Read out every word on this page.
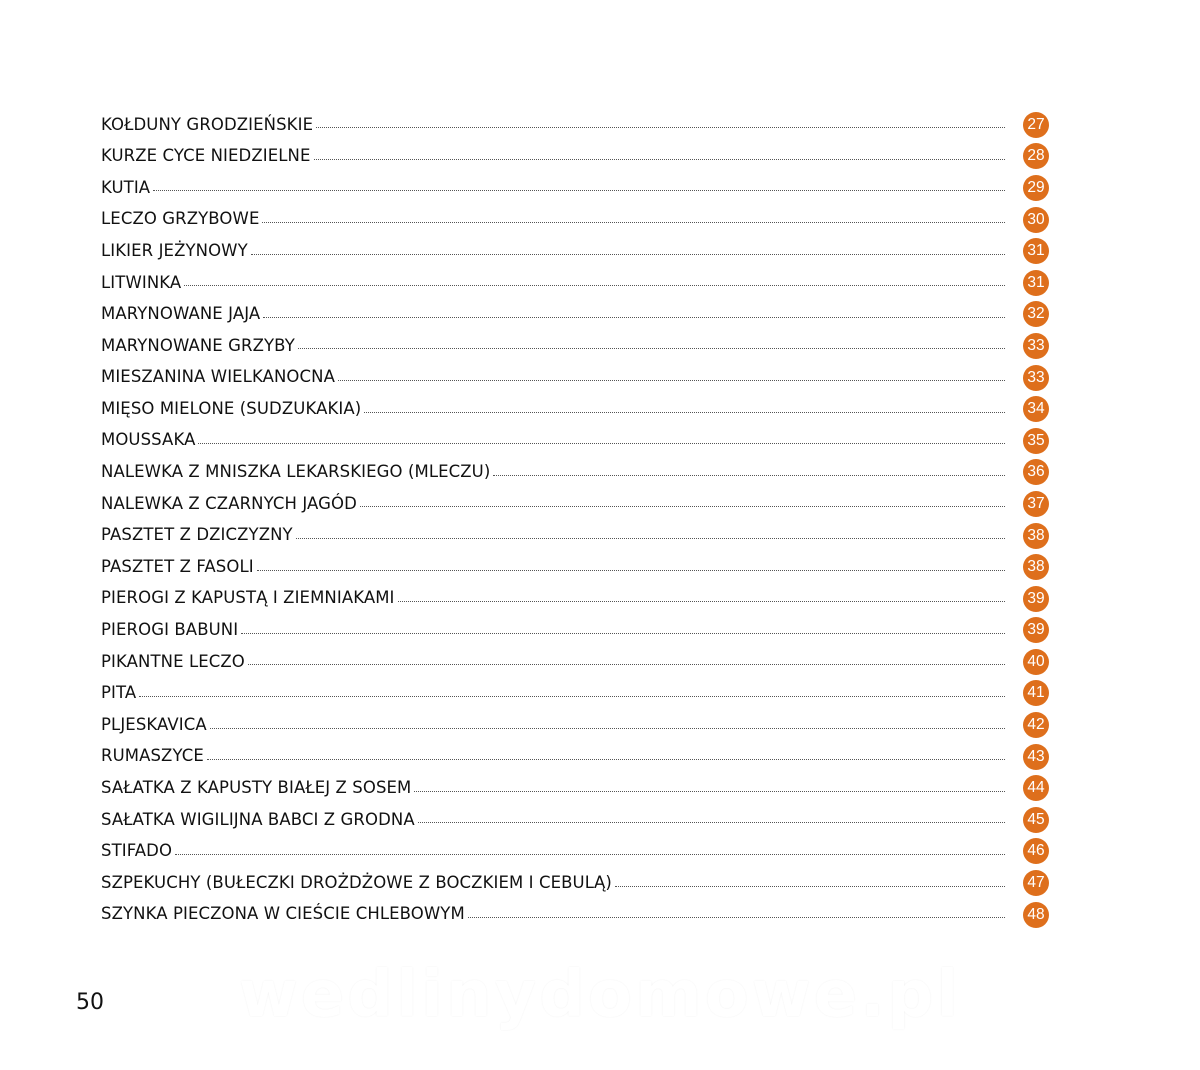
KOŁDUNY GRODZIEŃSKIE	27
KURZE CYCE NIEDZIELNE	28
KUTIA	29
LECZO GRZYBOWE	30
LIKIER JEŻYNOWY	31
LITWINKA	31
MARYNOWANE JAJA	32
MARYNOWANE GRZYBY	33
MIESZANINA WIELKANOCNA	33
MIĘSO MIELONE (SUDZUKAKIA)	34
MOUSSAKA	35
NALEWKA Z MNISZKA LEKARSKIEGO (MLECZU)	36
NALEWKA Z CZARNYCH JAGÓD	37
PASZTET Z DZICZYZNY	38
PASZTET Z FASOLI	38
PIEROGI Z KAPUSTĄ I ZIEMNIAKAMI	39
PIEROGI BABUNI	39
PIKANTNE LECZO	40
PITA	41
PLJESKAVICA	42
RUMASZYCE	43
SAŁATKA Z KAPUSTY BIAŁEJ Z SOSEM	44
SAŁATKA WIGILIJNA BABCI Z GRODNA	45
STIFADO	46
SZPEKUCHY (BUŁECZKI DROŻDŻOWE Z BOCZKIEM I CEBULĄ)	47
SZYNKA PIECZONA W CIEŚCIE CHLEBOWYM	48
50	wedlinydomowe.pl
